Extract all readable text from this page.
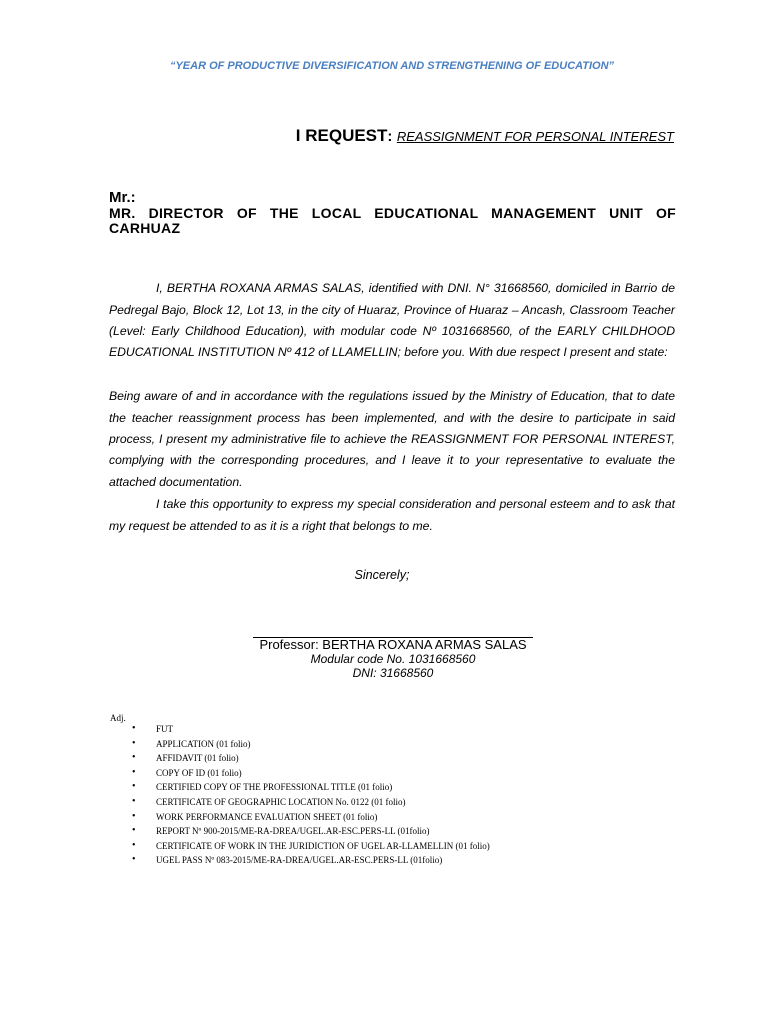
“YEAR OF PRODUCTIVE DIVERSIFICATION AND STRENGTHENING OF EDUCATION”
I REQUEST: REASSIGNMENT FOR PERSONAL INTEREST
Mr.:
MR. DIRECTOR OF THE LOCAL EDUCATIONAL MANAGEMENT UNIT OF CARHUAZ

I, BERTHA ROXANA ARMAS SALAS, identified with DNI. N° 31668560, domiciled in Barrio de Pedregal Bajo, Block 12, Lot 13, in the city of Huaraz, Province of Huaraz – Ancash, Classroom Teacher (Level: Early Childhood Education), with modular code Nº 1031668560, of the EARLY CHILDHOOD EDUCATIONAL INSTITUTION Nº 412 of LLAMELLIN; before you. With due respect I present and state:

Being aware of and in accordance with the regulations issued by the Ministry of Education, that to date the teacher reassignment process has been implemented, and with the desire to participate in said process, I present my administrative file to achieve the REASSIGNMENT FOR PERSONAL INTEREST, complying with the corresponding procedures, and I leave it to your representative to evaluate the attached documentation.

I take this opportunity to express my special consideration and personal esteem and to ask that my request be attended to as it is a right that belongs to me.

Sincerely;
Professor: BERTHA ROXANA ARMAS SALAS
Modular code No. 1031668560
DNI: 31668560
Adj.
• FUT
• APPLICATION (01 folio)
• AFFIDAVIT (01 folio)
• COPY OF ID (01 folio)
• CERTIFIED COPY OF THE PROFESSIONAL TITLE (01 folio)
• CERTIFICATE OF GEOGRAPHIC LOCATION No. 0122 (01 folio)
• WORK PERFORMANCE EVALUATION SHEET (01 folio)
• REPORT Nº 900-2015/ME-RA-DREA/UGEL.AR-ESC.PERS-LL (01folio)
• CERTIFICATE OF WORK IN THE JURIDICTION OF UGEL AR-LLAMELLIN (01 folio)
• UGEL PASS Nº 083-2015/ME-RA-DREA/UGEL.AR-ESC.PERS-LL (01folio)
